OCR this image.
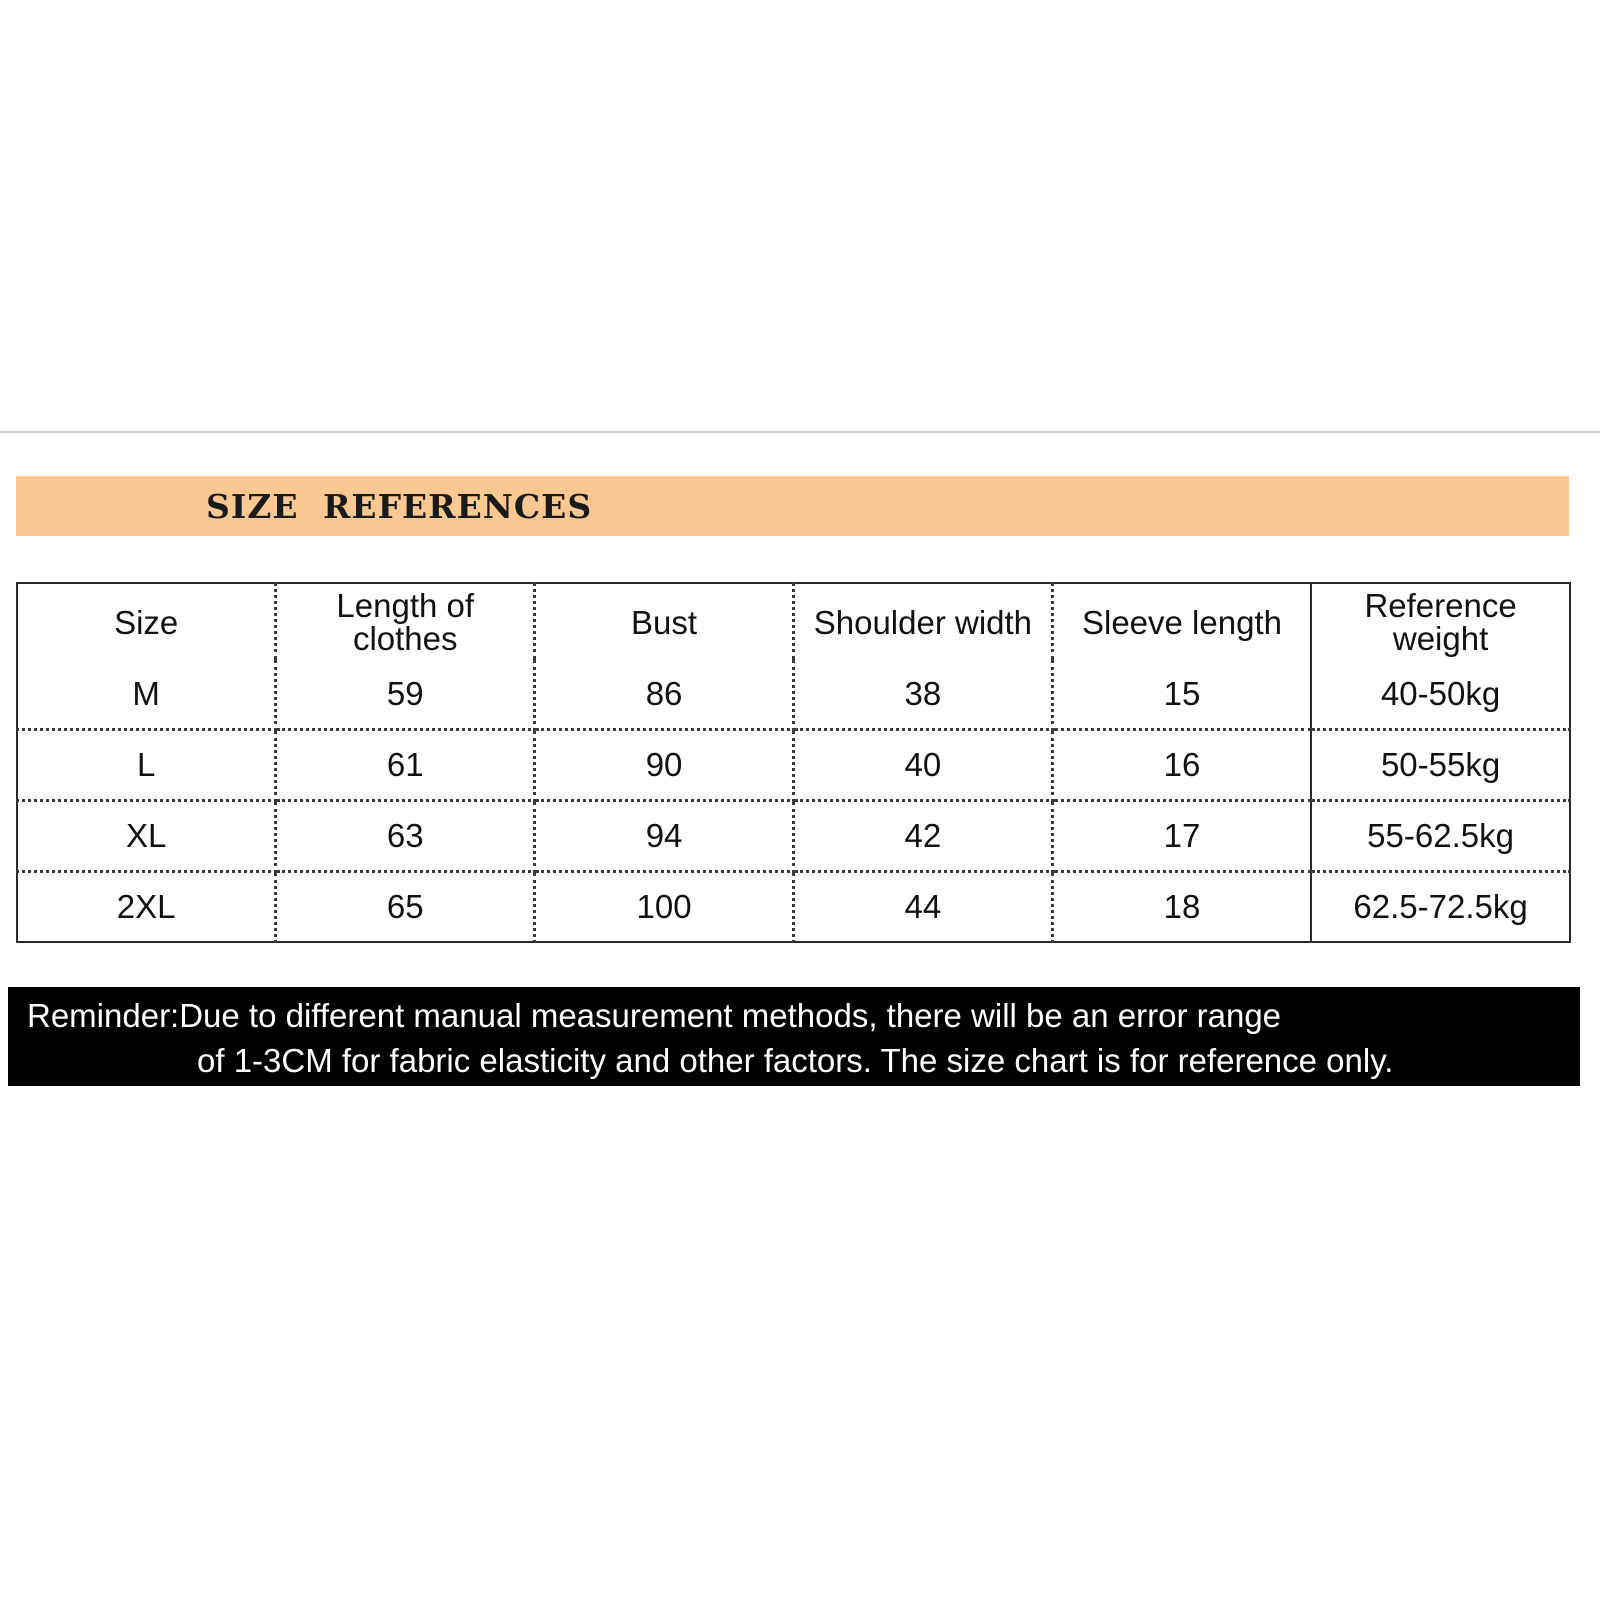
SIZE REFERENCES
Size	Length of clothes	Bust	Shoulder width	Sleeve length	Reference weight
M	59	86	38	15	40-50kg
L	61	90	40	16	50-55kg
XL	63	94	42	17	55-62.5kg
2XL	65	100	44	18	62.5-72.5kg
Reminder:Due to different manual measurement methods, there will be an error range
of 1-3CM for fabric elasticity and other factors. The size chart is for reference only.
